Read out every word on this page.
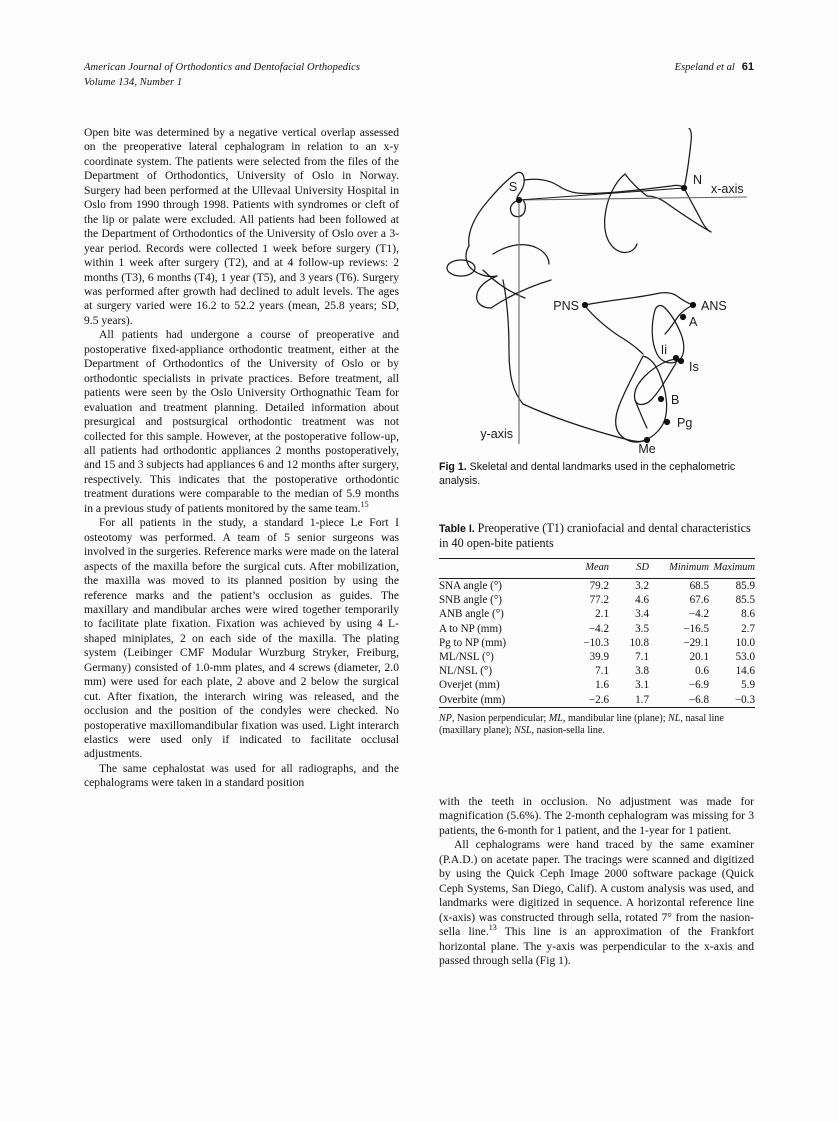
American Journal of Orthodontics and Dentofacial Orthopedics
Volume 134, Number 1
Espeland et al 61

Open bite was determined by a negative vertical overlap assessed on the preoperative lateral cephalogram in relation to an x-y coordinate system. The patients were selected from the files of the Department of Orthodontics, University of Oslo in Norway. Surgery had been performed at the Ullevaal University Hospital in Oslo from 1990 through 1998. Patients with syndromes or cleft of the lip or palate were excluded. All patients had been followed at the Department of Orthodontics of the University of Oslo over a 3-year period. Records were collected 1 week before surgery (T1), within 1 week after surgery (T2), and at 4 follow-up reviews: 2 months (T3), 6 months (T4), 1 year (T5), and 3 years (T6). Surgery was performed after growth had declined to adult levels. The ages at surgery varied were 16.2 to 52.2 years (mean, 25.8 years; SD, 9.5 years).

All patients had undergone a course of preoperative and postoperative fixed-appliance orthodontic treatment, either at the Department of Orthodontics of the University of Oslo or by orthodontic specialists in private practices. Before treatment, all patients were seen by the Oslo University Orthognathic Team for evaluation and treatment planning. Detailed information about presurgical and postsurgical orthodontic treatment was not collected for this sample. However, at the postoperative follow-up, all patients had orthodontic appliances 2 months postoperatively, and 15 and 3 subjects had appliances 6 and 12 months after surgery, respectively. This indicates that the postoperative orthodontic treatment durations were comparable to the median of 5.9 months in a previous study of patients monitored by the same team.$^{15}$

For all patients in the study, a standard 1-piece Le Fort I osteotomy was performed. A team of 5 senior surgeons was involved in the surgeries. Reference marks were made on the lateral aspects of the maxilla before the surgical cuts. After mobilization, the maxilla was moved to its planned position by using the reference marks and the patient’s occlusion as guides. The maxillary and mandibular arches were wired together temporarily to facilitate plate fixation. Fixation was achieved by using 4 L-shaped miniplates, 2 on each side of the maxilla. The plating system (Leibinger CMF Modular Wurzburg Stryker, Freiburg, Germany) consisted of 1.0-mm plates, and 4 screws (diameter, 2.0 mm) were used for each plate, 2 above and 2 below the surgical cut. After fixation, the interarch wiring was released, and the occlusion and the position of the condyles were checked. No postoperative maxillomandibular fixation was used. Light interarch elastics were used only if indicated to facilitate occlusal adjustments.

The same cephalostat was used for all radiographs, and the cephalograms were taken in a standard position

S	N
PNS	ANS
A
Ii
Is
B
Pg
Me
x-axis
y-axis
Fig 1. Skeletal and dental landmarks used in the cephalometric analysis.
Table I. Preoperative (T1) craniofacial and dental characteristics in 40 open-bite patients
	Mean	SD	Minimum	Maximum
SNA angle (°)	79.2	3.2	68.5	85.9
SNB angle (°)	77.2	4.6	67.6	85.5
ANB angle (°)	2.1	3.4	−4.2	8.6
A to NP (mm)	−4.2	3.5	−16.5	2.7
Pg to NP (mm)	−10.3	10.8	−29.1	10.0
ML/NSL (°)	39.9	7.1	20.1	53.0
NL/NSL (°)	7.1	3.8	0.6	14.6
Overjet (mm)	1.6	3.1	−6.9	5.9
Overbite (mm)	−2.6	1.7	−6.8	−0.3

NP, Nasion perpendicular; ML, mandibular line (plane); NL, nasal line (maxillary plane); NSL, nasion-sella line.

with the teeth in occlusion. No adjustment was made for magnification (5.6%). The 2-month cephalogram was missing for 3 patients, the 6-month for 1 patient, and the 1-year for 1 patient.

All cephalograms were hand traced by the same examiner (P.A.D.) on acetate paper. The tracings were scanned and digitized by using the Quick Ceph Image 2000 software package (Quick Ceph Systems, San Diego, Calif). A custom analysis was used, and landmarks were digitized in sequence. A horizontal reference line (x-axis) was constructed through sella, rotated 7° from the nasion-sella line.$^{13}$ This line is an approximation of the Frankfort horizontal plane. The y-axis was perpendicular to the x-axis and passed through sella (Fig 1).
